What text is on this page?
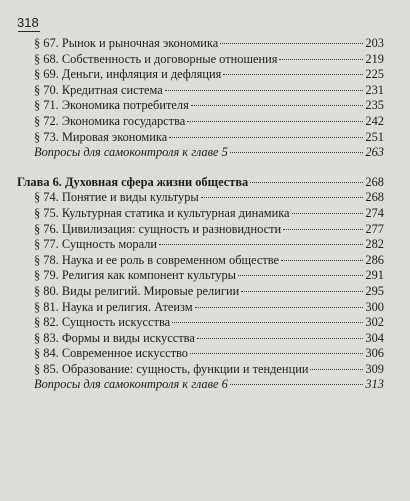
318
§ 67. Рынок и рыночная экономика	203
§ 68. Собственность и договорные отношения	219
§ 69. Деньги, инфляция и дефляция	225
§ 70. Кредитная система	231
§ 71. Экономика потребителя	235
§ 72. Экономика государства	242
§ 73. Мировая экономика	251
Вопросы для самоконтроля к главе 5	263
Глава 6. Духовная сфера жизни общества	268
§ 74. Понятие и виды культуры	268
§ 75. Культурная статика и культурная динамика	274
§ 76. Цивилизация: сущность и разновидности	277
§ 77. Сущность морали	282
§ 78. Наука и ее роль в современном обществе	286
§ 79. Религия как компонент культуры	291
§ 80. Виды религий. Мировые религии	295
§ 81. Наука и религия. Атеизм	300
§ 82. Сущность искусства	302
§ 83. Формы и виды искусства	304
§ 84. Современное искусство	306
§ 85. Образование: сущность, функции и тенденции	309
Вопросы для самоконтроля к главе 6	313
